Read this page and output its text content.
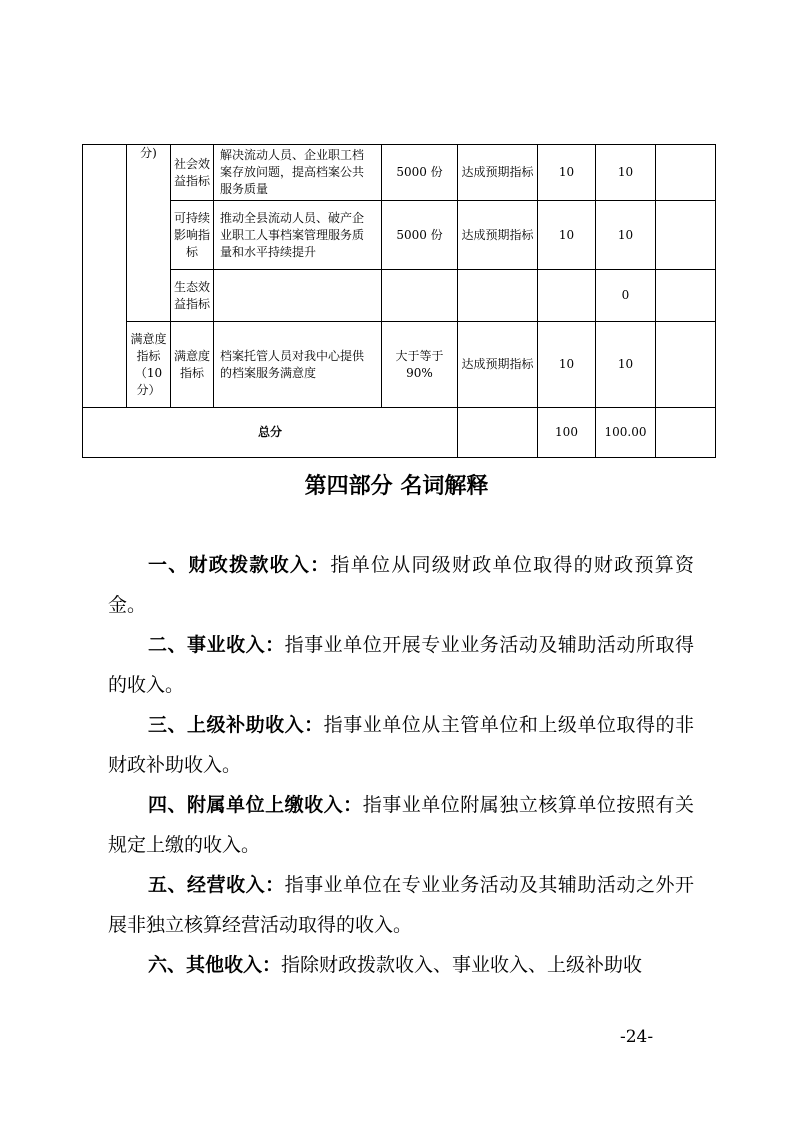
	分)	社会效益指标	解决流动人员、企业职工档案存放问题，提高档案公共服务质量	5000 份	达成预期指标	10	10	
		可持续影响指标	推动全县流动人员、破产企业职工人事档案管理服务质量和水平持续提升	5000 份	达成预期指标	10	10	
		生态效益指标					0	
	满意度指标（10分）	满意度指标	档案托管人员对我中心提供的档案服务满意度	大于等于 90%	达成预期指标	10	10	
总分						100	100.00	
第四部分 名词解释

一、财政拨款收入：指单位从同级财政单位取得的财政预算资金。

二、事业收入：指事业单位开展专业业务活动及辅助活动所取得的收入。

三、上级补助收入：指事业单位从主管单位和上级单位取得的非财政补助收入。

四、附属单位上缴收入：指事业单位附属独立核算单位按照有关规定上缴的收入。

五、经营收入：指事业单位在专业业务活动及其辅助活动之外开展非独立核算经营活动取得的收入。

六、其他收入：指除财政拨款收入、事业收入、上级补助收

-24-
